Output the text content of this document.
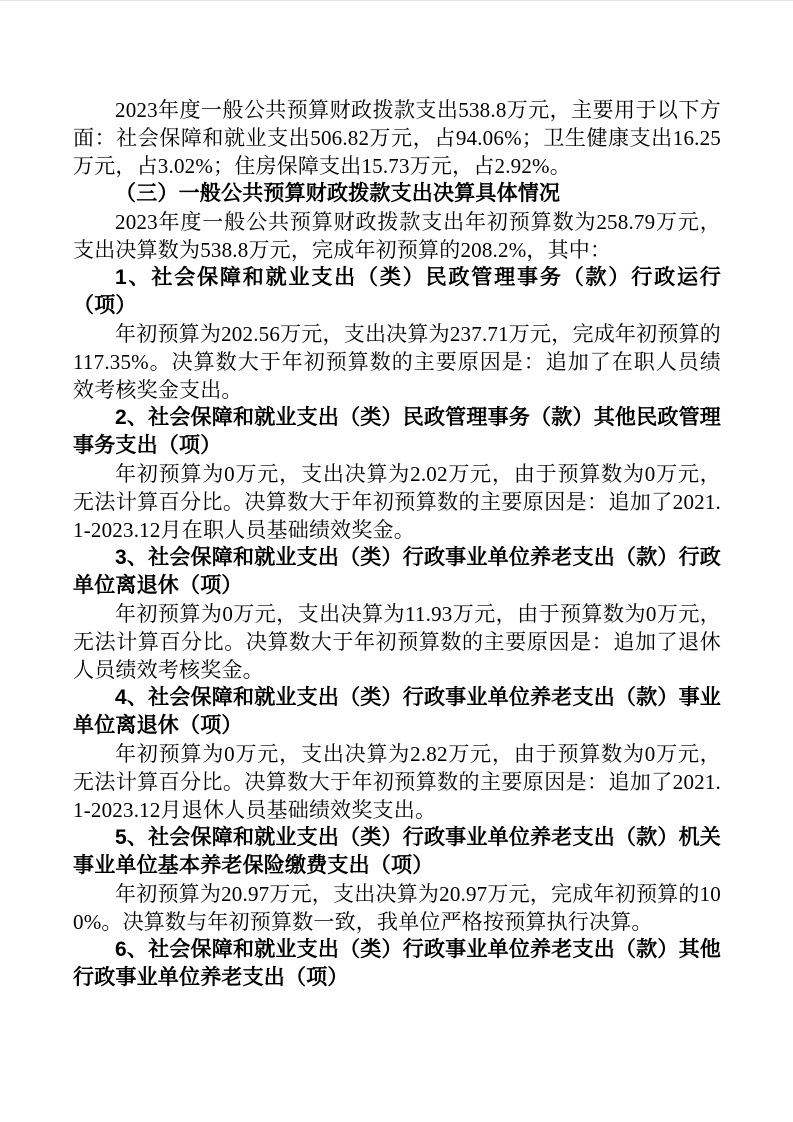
2023年度一般公共预算财政拨款支出538.8万元，主要用于以下方面：社会保障和就业支出506.82万元，占94.06%；卫生健康支出16.25万元，占3.02%；住房保障支出15.73万元，占2.92%。

（三）一般公共预算财政拨款支出决算具体情况

2023年度一般公共预算财政拨款支出年初预算数为258.79万元，支出决算数为538.8万元，完成年初预算的208.2%，其中：

1、社会保障和就业支出（类）民政管理事务（款）行政运行（项）

年初预算为202.56万元，支出决算为237.71万元，完成年初预算的117.35%。决算数大于年初预算数的主要原因是：追加了在职人员绩效考核奖金支出。

2、社会保障和就业支出（类）民政管理事务（款）其他民政管理事务支出（项）

年初预算为0万元，支出决算为2.02万元，由于预算数为0万元，无法计算百分比。决算数大于年初预算数的主要原因是：追加了2021.1-2023.12月在职人员基础绩效奖金。

3、社会保障和就业支出（类）行政事业单位养老支出（款）行政单位离退休（项）

年初预算为0万元，支出决算为11.93万元，由于预算数为0万元，无法计算百分比。决算数大于年初预算数的主要原因是：追加了退休人员绩效考核奖金。

4、社会保障和就业支出（类）行政事业单位养老支出（款）事业单位离退休（项）

年初预算为0万元，支出决算为2.82万元，由于预算数为0万元，无法计算百分比。决算数大于年初预算数的主要原因是：追加了2021.1-2023.12月退休人员基础绩效奖支出。

5、社会保障和就业支出（类）行政事业单位养老支出（款）机关事业单位基本养老保险缴费支出（项）

年初预算为20.97万元，支出决算为20.97万元，完成年初预算的100%。决算数与年初预算数一致，我单位严格按预算执行决算。

6、社会保障和就业支出（类）行政事业单位养老支出（款）其他行政事业单位养老支出（项）
